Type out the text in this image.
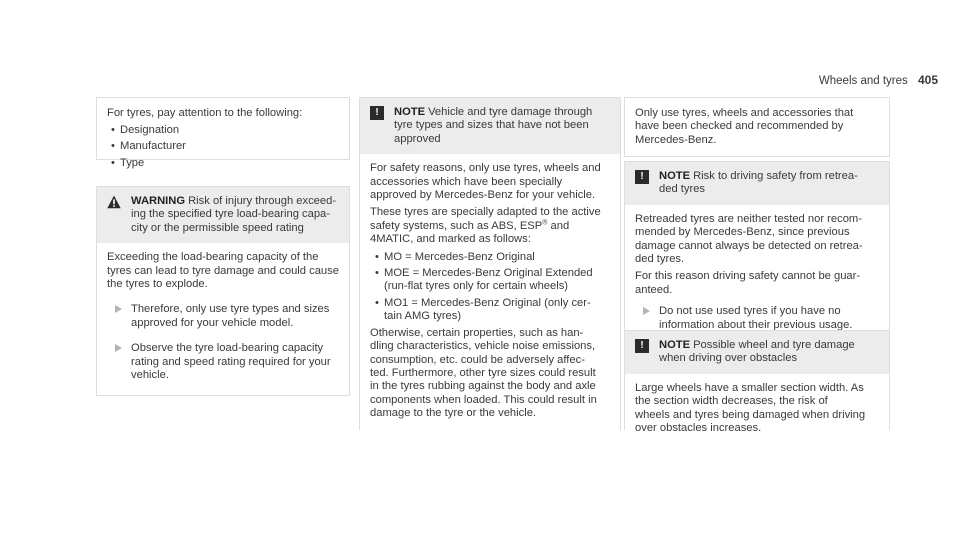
Wheels and tyres 405

For tyres, pay attention to the following:

• Designation
• Manufacturer
• Type
WARNING Risk of injury through exceed-
ing the specified tyre load-bearing capa-
city or the permissible speed rating

Exceeding the load-bearing capacity of the
tyres can lead to tyre damage and could cause
the tyres to explode.

Therefore, only use tyre types and sizes
approved for your vehicle model.
Observe the tyre load-bearing capacity
rating and speed rating required for your
vehicle.
!	NOTE Vehicle and tyre damage through
tyre types and sizes that have not been
approved

For safety reasons, only use tyres, wheels and
accessories which have been specially
approved by Mercedes-Benz for your vehicle.

These tyres are specially adapted to the active
safety systems, such as ABS, ESP® and
4MATIC, and marked as follows:

• MO = Mercedes-Benz Original
• MOE = Mercedes-Benz Original Extended
(run-flat tyres only for certain wheels)
• MO1 = Mercedes-Benz Original (only cer-
tain AMG tyres)

Otherwise, certain properties, such as han-
dling characteristics, vehicle noise emissions,
consumption, etc. could be adversely affec-
ted. Furthermore, other tyre sizes could result
in the tyres rubbing against the body and axle
components when loaded. This could result in
damage to the tyre or the vehicle.

Only use tyres, wheels and accessories that
have been checked and recommended by
Mercedes-Benz.

!	NOTE Risk to driving safety from retrea-
ded tyres

Retreaded tyres are neither tested nor recom-
mended by Mercedes-Benz, since previous
damage cannot always be detected on retrea-
ded tyres.

For this reason driving safety cannot be guar-
anteed.

Do not use used tyres if you have no
information about their previous usage.
!	NOTE Possible wheel and tyre damage
when driving over obstacles

Large wheels have a smaller section width. As
the section width decreases, the risk of
wheels and tyres being damaged when driving
over obstacles increases.
